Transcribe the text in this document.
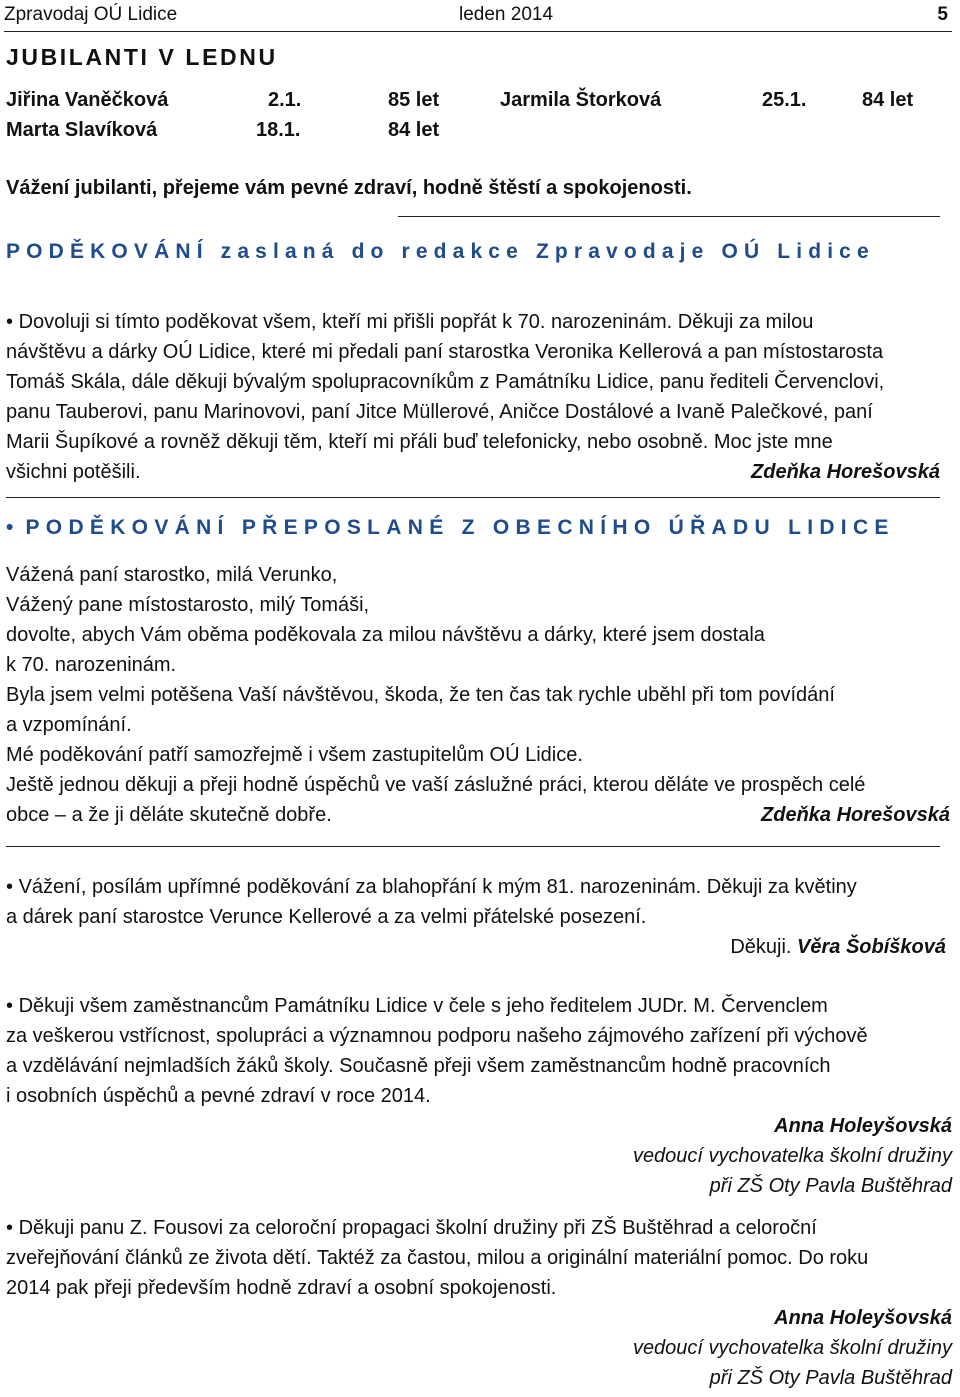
Zpravodaj OÚ Lidice	leden 2014	5
JUBILANTI V LEDNU
Jiřina Vaněčková	2.1.	85 let	Jarmila Štorková	25.1.	84 let
Marta Slavíková	18.1.	84 let
Vážení jubilanti, přejeme vám pevné zdraví, hodně štěstí a spokojenosti.
PODĚKOVÁNÍ zaslaná do redakce Zpravodaje OÚ Lidice
• Dovoluji si tímto poděkovat všem, kteří mi přišli popřát k 70. narozeninám. Děkuji za milou
návštěvu a dárky OÚ Lidice, které mi předali paní starostka Veronika Kellerová a pan místostarosta
Tomáš Skála, dále děkuji bývalým spolupracovníkům z Památníku Lidice, panu řediteli Červenclovi,
panu Tauberovi, panu Marinovovi, paní Jitce Müllerové, Aničce Dostálové a Ivaně Palečkové, paní
Marii Šupíkové a rovněž děkuji těm, kteří mi přáli buď telefonicky, nebo osobně. Moc jste mne
všichni potěšili.	Zdeňka Horešovská
• PODĚKOVÁNÍ PŘEPOSLANÉ Z OBECNÍHO ÚŘADU LIDICE
Vážená paní starostko, milá Verunko,
Vážený pane místostarosto, milý Tomáši,
dovolte, abych Vám oběma poděkovala za milou návštěvu a dárky, které jsem dostala
k 70. narozeninám.
Byla jsem velmi potěšena Vaší návštěvou, škoda, že ten čas tak rychle uběhl při tom povídání
a vzpomínání.
Mé poděkování patří samozřejmě i všem zastupitelům OÚ Lidice.
Ještě jednou děkuji a přeji hodně úspěchů ve vaší záslužné práci, kterou děláte ve prospěch celé
obce – a že ji děláte skutečně dobře.	Zdeňka Horešovská
• Vážení, posílám upřímné poděkování za blahopřání k mým 81. narozeninám. Děkuji za květiny
a dárek paní starostce Verunce Kellerové a za velmi přátelské posezení.
Děkuji. Věra Šobíšková
• Děkuji všem zaměstnancům Památníku Lidice v čele s jeho ředitelem JUDr. M. Červenclem
za veškerou vstřícnost, spolupráci a významnou podporu našeho zájmového zařízení při výchově
a vzdělávání nejmladších žáků školy. Současně přeji všem zaměstnancům hodně pracovních
i osobních úspěchů a pevné zdraví v roce 2014.
Anna Holeyšovská
vedoucí vychovatelka školní družiny
při ZŠ Oty Pavla Buštěhrad
• Děkuji panu Z. Fousovi za celoroční propagaci školní družiny při ZŠ Buštěhrad a celoroční
zveřejňování článků ze života dětí. Taktéž za častou, milou a originální materiální pomoc. Do roku
2014 pak přeji především hodně zdraví a osobní spokojenosti.
Anna Holeyšovská
vedoucí vychovatelka školní družiny
při ZŠ Oty Pavla Buštěhrad
